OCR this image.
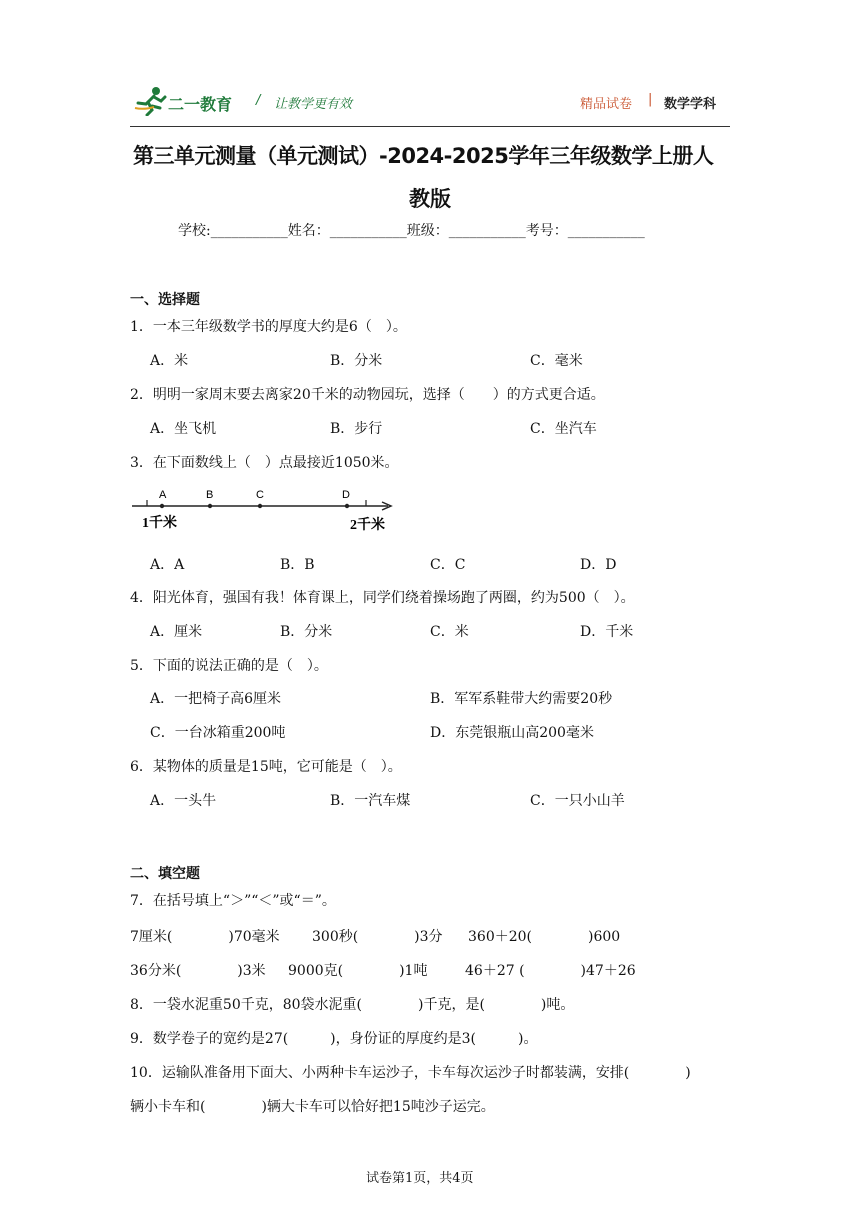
二一教育 / 让教学更有效	精品试卷 | 数学学科
第三单元测量（单元测试）-2024-2025学年三年级数学上册人
教版
学校:___________姓名：___________班级：___________考号：___________
一、选择题
1．一本三年级数学书的厚度大约是6（　）。
A．米	B．分米	C．毫米
2．明明一家周末要去离家20千米的动物园玩，选择（　　）的方式更合适。
A．坐飞机	B．步行	C．坐汽车
3．在下面数线上（　）点最接近1050米。
A	B	C	D
1千米	2千米
A．A	B．B	C．C	D．D
4．阳光体育，强国有我！体育课上，同学们绕着操场跑了两圈，约为500（　）。
A．厘米	B．分米	C．米	D．千米
5．下面的说法正确的是（　）。
A．一把椅子高6厘米	B．军军系鞋带大约需要20秒
C．一台冰箱重200吨	D．东莞银瓶山高200毫米
6．某物体的质量是15吨，它可能是（　）。
A．一头牛	B．一汽车煤	C．一只小山羊
二、填空题
7．在括号填上“＞”“＜”或“＝”。
7厘米(　　　　)70毫米 300秒(　　　　)3分 360＋20(　　　　)600
36分米(　　　　)3米 9000克(　　　　)1吨	46＋27 (　　　　)47＋26
8．一袋水泥重50千克，80袋水泥重(　　　　)千克，是(　　　　)吨。
9．数学卷子的宽约是27(　　　)，身份证的厚度约是3(　　　)。
10．运输队准备用下面大、小两种卡车运沙子，卡车每次运沙子时都装满，安排(　　　　)
辆小卡车和(　　　　)辆大卡车可以恰好把15吨沙子运完。
试卷第1页，共4页
